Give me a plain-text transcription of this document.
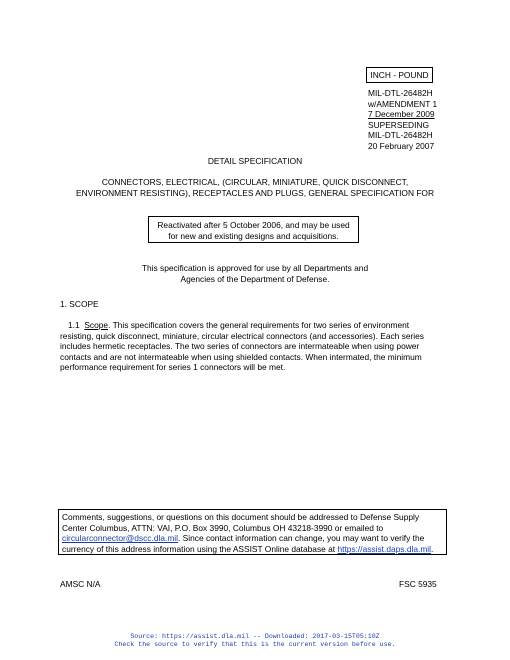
INCH - POUND
MIL-DTL-26482H
w/AMENDMENT 1
7 December 2009
SUPERSEDING
MIL-DTL-26482H
20 February 2007
DETAIL SPECIFICATION
CONNECTORS, ELECTRICAL, (CIRCULAR, MINIATURE, QUICK DISCONNECT,
ENVIRONMENT RESISTING), RECEPTACLES AND PLUGS, GENERAL SPECIFICATION FOR
Reactivated after 5 October 2006, and may be used
for new and existing designs and acquisitions.
This specification is approved for use by all Departments and
Agencies of the Department of Defense.
1. SCOPE
1.1 Scope. This specification covers the general requirements for two series of environment
resisting, quick disconnect, miniature, circular electrical connectors (and accessories). Each series
includes hermetic receptacles. The two series of connectors are intermateable when using power
contacts and are not intermateable when using shielded contacts. When intermated, the minimum
performance requirement for series 1 connectors will be met.
Comments, suggestions, or questions on this document should be addressed to Defense Supply
Center Columbus, ATTN: VAI, P.O. Box 3990, Columbus OH 43218-3990 or emailed to
circularconnector@dscc.dla.mil. Since contact information can change, you may want to verify the
currency of this address information using the ASSIST Online database at https://assist.daps.dla.mil.
AMSC N/A	FSC 5935
Source: https://assist.dla.mil -- Downloaded: 2017-03-15T05:10Z
Check the source to verify that this is the current version before use.
